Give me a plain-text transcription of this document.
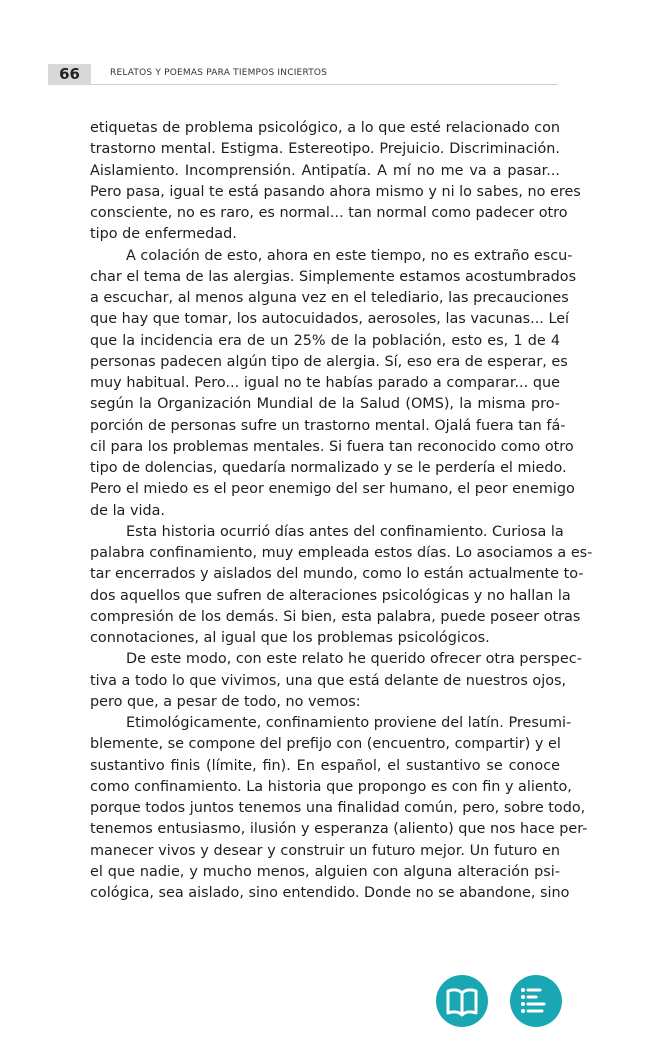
66	RELATOS Y POEMAS PARA TIEMPOS INCIERTOS
etiquetas de problema psicológico, a lo que esté relacionado con
trastorno mental. Estigma. Estereotipo. Prejuicio. Discriminación.
Aislamiento. Incomprensión. Antipatía. A mí no me va a pasar...
Pero pasa, igual te está pasando ahora mismo y ni lo sabes, no eres
consciente, no es raro, es normal... tan normal como padecer otro
tipo de enfermedad.
A colación de esto, ahora en este tiempo, no es extraño escu-
char el tema de las alergias. Simplemente estamos acostumbrados
a escuchar, al menos alguna vez en el telediario, las precauciones
que hay que tomar, los autocuidados, aerosoles, las vacunas... Leí
que la incidencia era de un 25% de la población, esto es, 1 de 4
personas padecen algún tipo de alergia. Sí, eso era de esperar, es
muy habitual. Pero... igual no te habías parado a comparar... que
según la Organización Mundial de la Salud (OMS), la misma pro-
porción de personas sufre un trastorno mental. Ojalá fuera tan fá-
cil para los problemas mentales. Si fuera tan reconocido como otro
tipo de dolencias, quedaría normalizado y se le perdería el miedo.
Pero el miedo es el peor enemigo del ser humano, el peor enemigo
de la vida.
Esta historia ocurrió días antes del confinamiento. Curiosa la
palabra confinamiento, muy empleada estos días. Lo asociamos a es-
tar encerrados y aislados del mundo, como lo están actualmente to-
dos aquellos que sufren de alteraciones psicológicas y no hallan la
compresión de los demás. Si bien, esta palabra, puede poseer otras
connotaciones, al igual que los problemas psicológicos.
De este modo, con este relato he querido ofrecer otra perspec-
tiva a todo lo que vivimos, una que está delante de nuestros ojos,
pero que, a pesar de todo, no vemos:
Etimológicamente, confinamiento proviene del latín. Presumi-
blemente, se compone del prefijo con (encuentro, compartir) y el
sustantivo finis (límite, fin). En español, el sustantivo se conoce
como confinamiento. La historia que propongo es con fin y aliento,
porque todos juntos tenemos una finalidad común, pero, sobre todo,
tenemos entusiasmo, ilusión y esperanza (aliento) que nos hace per-
manecer vivos y desear y construir un futuro mejor. Un futuro en
el que nadie, y mucho menos, alguien con alguna alteración psi-
cológica, sea aislado, sino entendido. Donde no se abandone, sino
